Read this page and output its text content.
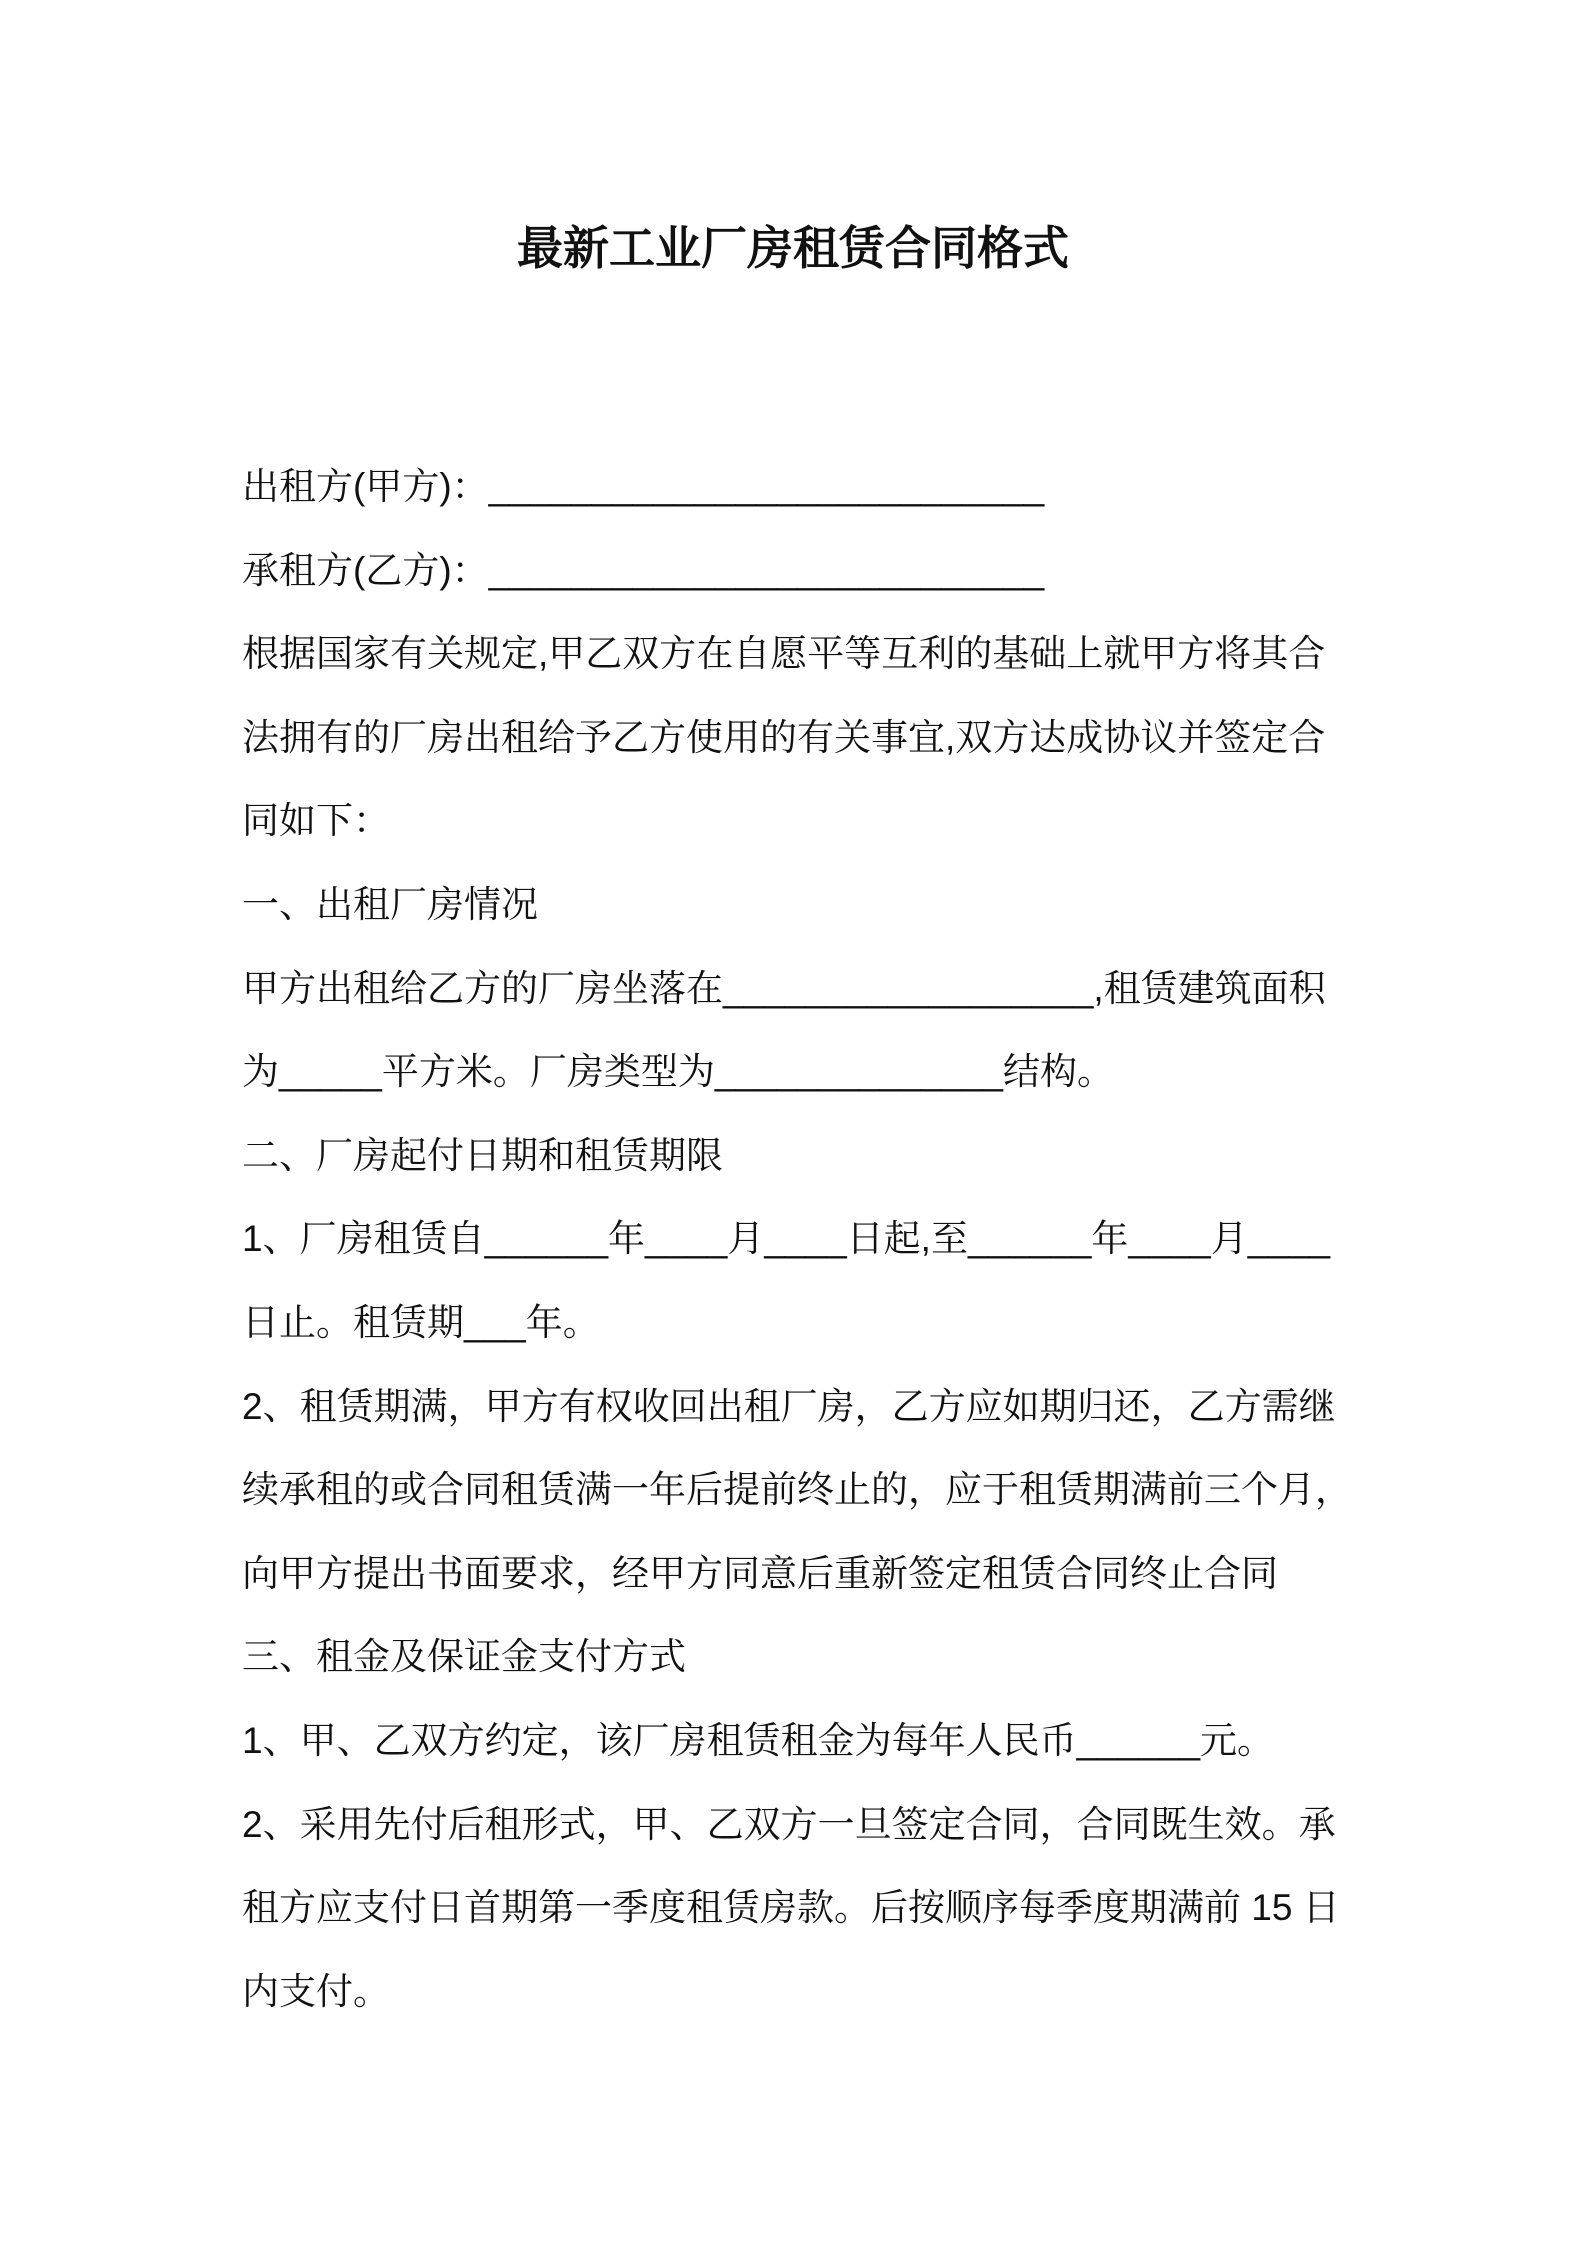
最新工业厂房租赁合同格式
出租方(甲方)：___________________________
承租方(乙方)：___________________________
根据国家有关规定,甲乙双方在自愿平等互利的基础上就甲方将其合
法拥有的厂房出租给予乙方使用的有关事宜,双方达成协议并签定合
同如下：
一、出租厂房情况
甲方出租给乙方的厂房坐落在__________________,租赁建筑面积
为_____平方米。厂房类型为______________结构。
二、厂房起付日期和租赁期限
1、厂房租赁自______年____月____日起,至______年____月____
日止。租赁期___年。
2、租赁期满，甲方有权收回出租厂房，乙方应如期归还，乙方需继
续承租的或合同租赁满一年后提前终止的，应于租赁期满前三个月，
向甲方提出书面要求，经甲方同意后重新签定租赁合同终止合同
三、租金及保证金支付方式
1、甲、乙双方约定，该厂房租赁租金为每年人民币______元。
2、采用先付后租形式，甲、乙双方一旦签定合同，合同既生效。承
租方应支付日首期第一季度租赁房款。后按顺序每季度期满前 15 日
内支付。
